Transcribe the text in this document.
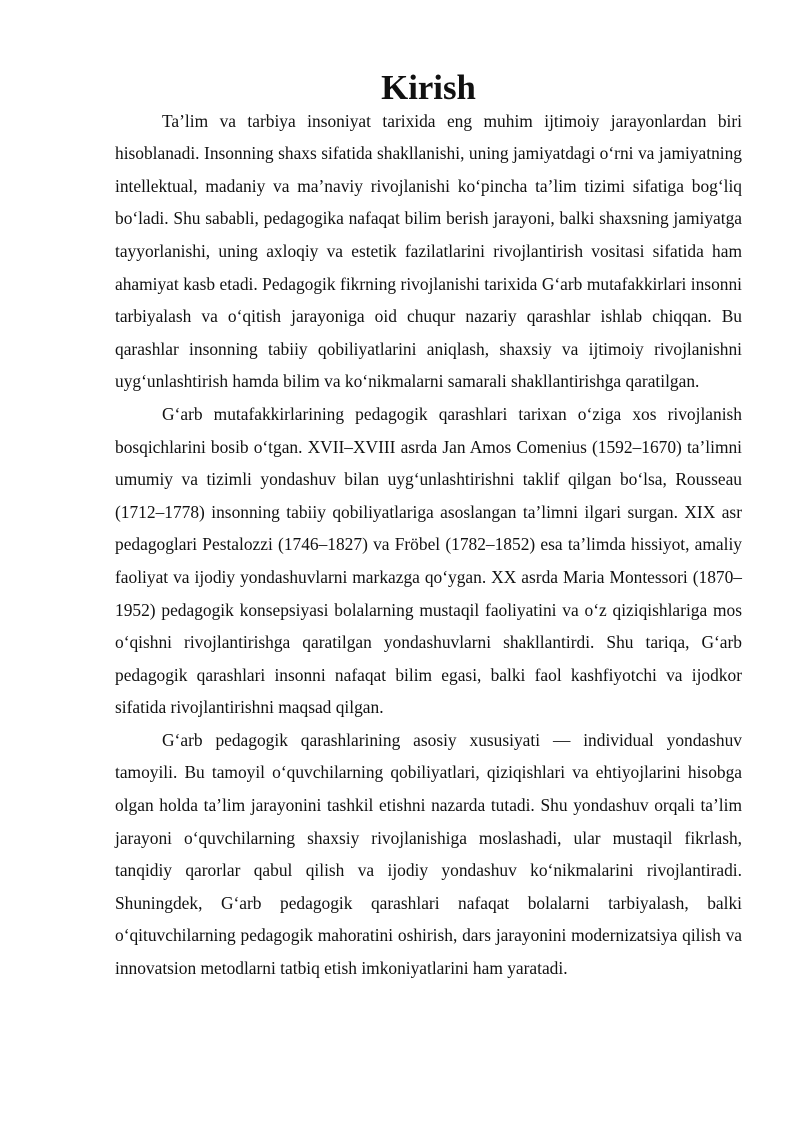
Kirish

Ta’lim va tarbiya insoniyat tarixida eng muhim ijtimoiy jarayonlardan biri hisoblanadi. Insonning shaxs sifatida shakllanishi, uning jamiyatdagi o‘rni va jamiyatning intellektual, madaniy va ma’naviy rivojlanishi ko‘pincha ta’lim tizimi sifatiga bog‘liq bo‘ladi. Shu sababli, pedagogika nafaqat bilim berish jarayoni, balki shaxsning jamiyatga tayyorlanishi, uning axloqiy va estetik fazilatlarini rivojlantirish vositasi sifatida ham ahamiyat kasb etadi. Pedagogik fikrning rivojlanishi tarixida G‘arb mutafakkirlari insonni tarbiyalash va o‘qitish jarayoniga oid chuqur nazariy qarashlar ishlab chiqqan. Bu qarashlar insonning tabiiy qobiliyatlarini aniqlash, shaxsiy va ijtimoiy rivojlanishni uyg‘unlashtirish hamda bilim va ko‘nikmalarni samarali shakllantirishga qaratilgan.

G‘arb mutafakkirlarining pedagogik qarashlari tarixan o‘ziga xos rivojlanish bosqichlarini bosib o‘tgan. XVII–XVIII asrda Jan Amos Comenius (1592–1670) ta’limni umumiy va tizimli yondashuv bilan uyg‘unlashtirishni taklif qilgan bo‘lsa, Rousseau (1712–1778) insonning tabiiy qobiliyatlariga asoslangan ta’limni ilgari surgan. XIX asr pedagoglari Pestalozzi (1746–1827) va Fröbel (1782–1852) esa ta’limda hissiyot, amaliy faoliyat va ijodiy yondashuvlarni markazga qo‘ygan. XX asrda Maria Montessori (1870–1952) pedagogik konsepsiyasi bolalarning mustaqil faoliyatini va o‘z qiziqishlariga mos o‘qishni rivojlantirishga qaratilgan yondashuvlarni shakllantirdi. Shu tariqa, G‘arb pedagogik qarashlari insonni nafaqat bilim egasi, balki faol kashfiyotchi va ijodkor sifatida rivojlantirishni maqsad qilgan.

G‘arb pedagogik qarashlarining asosiy xususiyati — individual yondashuv tamoyili. Bu tamoyil o‘quvchilarning qobiliyatlari, qiziqishlari va ehtiyojlarini hisobga olgan holda ta’lim jarayonini tashkil etishni nazarda tutadi. Shu yondashuv orqali ta’lim jarayoni o‘quvchilarning shaxsiy rivojlanishiga moslashadi, ular mustaqil fikrlash, tanqidiy qarorlar qabul qilish va ijodiy yondashuv ko‘nikmalarini rivojlantiradi. Shuningdek, G‘arb pedagogik qarashlari nafaqat bolalarni tarbiyalash, balki o‘qituvchilarning pedagogik mahoratini oshirish, dars jarayonini modernizatsiya qilish va innovatsion metodlarni tatbiq etish imkoniyatlarini ham yaratadi.
